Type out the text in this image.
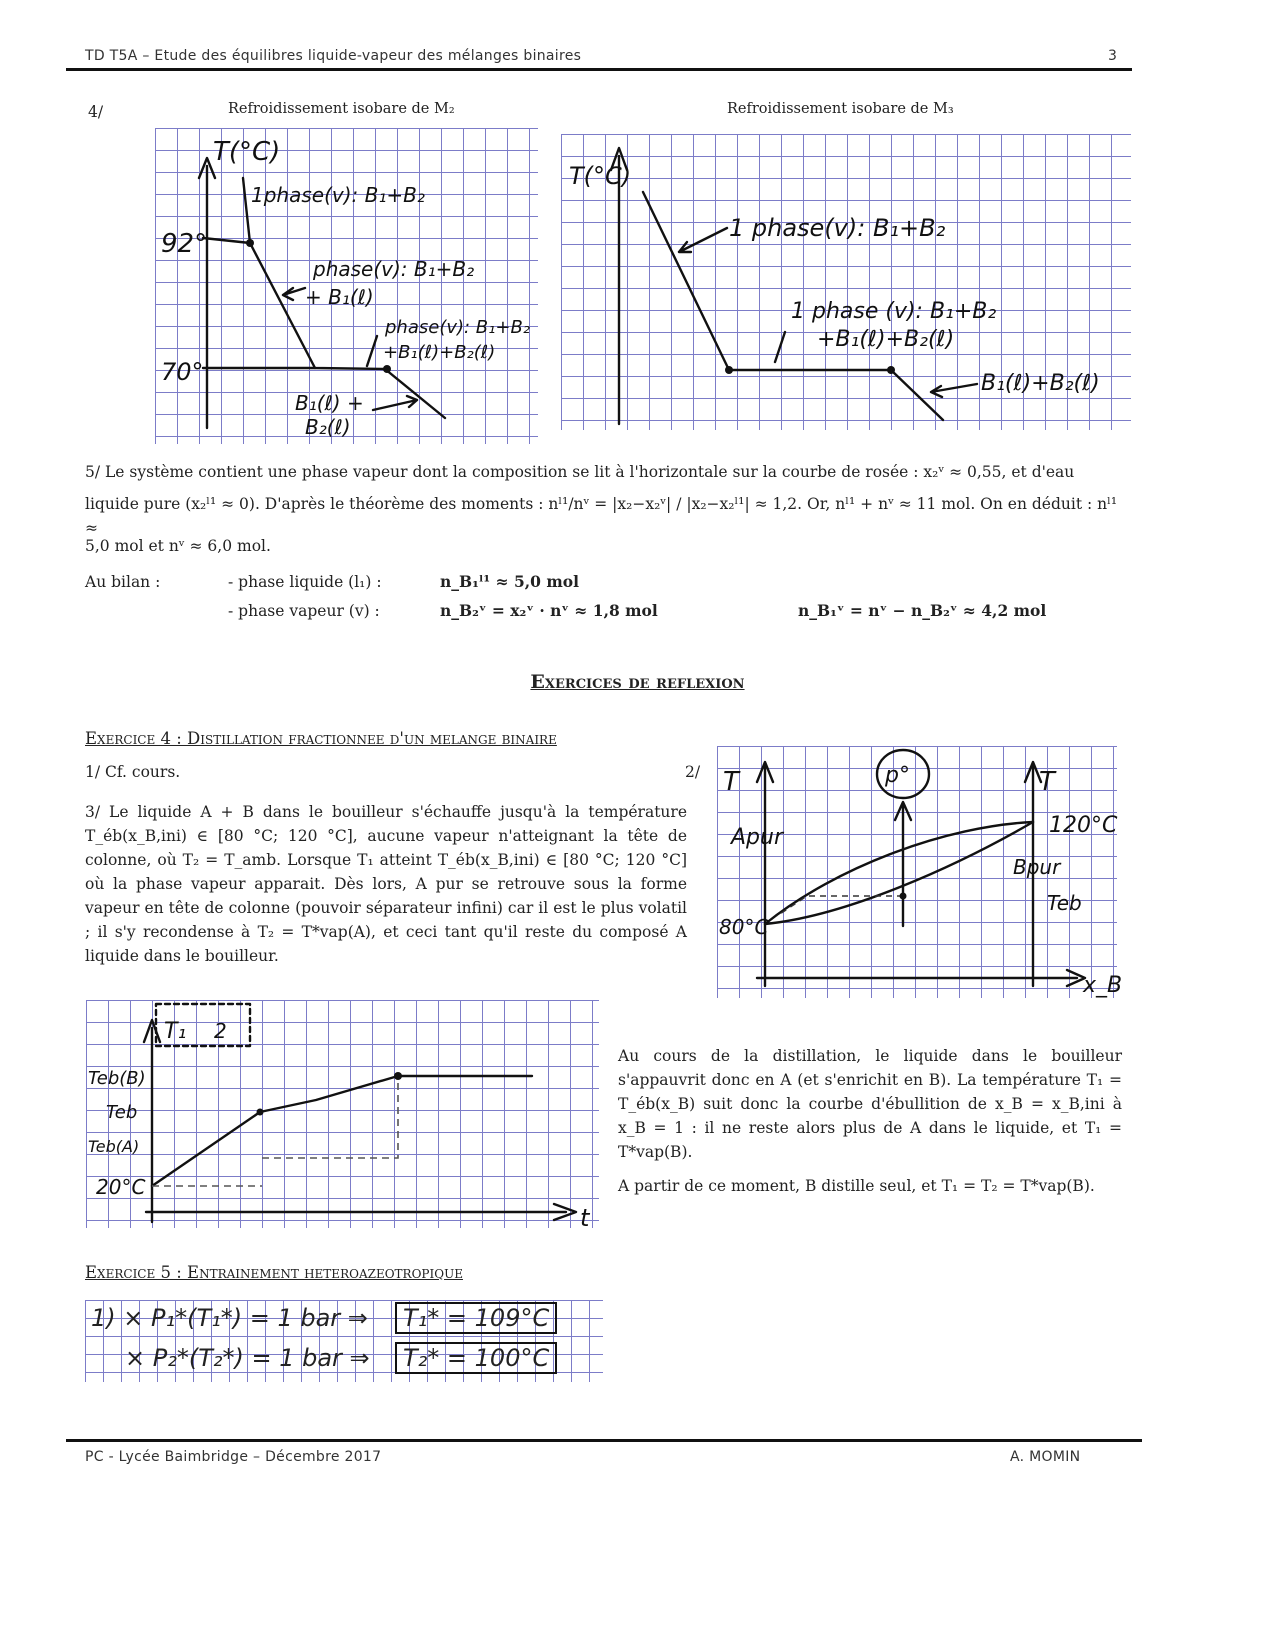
TD T5A – Etude des équilibres liquide-vapeur des mélanges binaires	3
4/	Refroidissement isobare de M₂	Refroidissement isobare de M₃
T(°C)
92°
70°
1phase(v): B₁+B₂
phase(v): B₁+B₂
+ B₁(ℓ)
phase(v): B₁+B₂
+B₁(ℓ)+B₂(ℓ)
B₁(ℓ) +
B₂(ℓ)
T(°C)
1 phase(v): B₁+B₂
1 phase (v): B₁+B₂
+B₁(ℓ)+B₂(ℓ)
B₁(ℓ)+B₂(ℓ)
5/ Le système contient une phase vapeur dont la composition se lit à l'horizontale sur la courbe de rosée : x₂ᵛ ≈ 0,55, et d'eau
liquide pure (x₂ˡ¹ ≈ 0). D'après le théorème des moments : nˡ¹/nᵛ = |x₂−x₂ᵛ| / |x₂−x₂ˡ¹| ≈ 1,2. Or, nˡ¹ + nᵛ ≈ 11 mol. On en déduit : nˡ¹ ≈
5,0 mol et nᵛ ≈ 6,0 mol.
Au bilan :	- phase liquide (l₁) :	n_B₁ˡ¹ ≈ 5,0 mol
- phase vapeur (v) :	n_B₂ᵛ = x₂ᵛ · nᵛ ≈ 1,8 mol	n_B₁ᵛ = nᵛ − n_B₂ᵛ ≈ 4,2 mol
Exercices de reflexion
Exercice 4 : Distillation fractionnee d'un melange binaire
1/ Cf. cours.	2/
3/ Le liquide A + B dans le bouilleur s'échauffe jusqu'à la température T_éb(x_B,ini) ∈ [80 °C; 120 °C], aucune vapeur n'atteignant la tête de colonne, où T₂ = T_amb. Lorsque T₁ atteint T_éb(x_B,ini) ∈ [80 °C; 120 °C] où la phase vapeur apparait. Dès lors, A pur se retrouve sous la forme vapeur en tête de colonne (pouvoir séparateur infini) car il est le plus volatil ; il s'y recondense à T₂ = T*vap(A), et ceci tant qu'il reste du composé A liquide dans le bouilleur.
T	T
p°
Apur	120°C
Bpur
Teb
80°C
x_B
T₁ 2
Teb(B)
Teb
Teb(A)
20°C
t
Au cours de la distillation, le liquide dans le bouilleur s'appauvrit donc en A (et s'enrichit en B). La température T₁ = T_éb(x_B) suit donc la courbe d'ébullition de x_B = x_B,ini à x_B = 1 : il ne reste alors plus de A dans le liquide, et T₁ = T*vap(B).
A partir de ce moment, B distille seul, et T₁ = T₂ = T*vap(B).
Exercice 5 : Entrainement heteroazeotropique
1) × P₁*(T₁*) = 1 bar ⇒	T₁* = 109°C
× P₂*(T₂*) = 1 bar ⇒	T₂* = 100°C
PC - Lycée Baimbridge – Décembre 2017	A. MOMIN
